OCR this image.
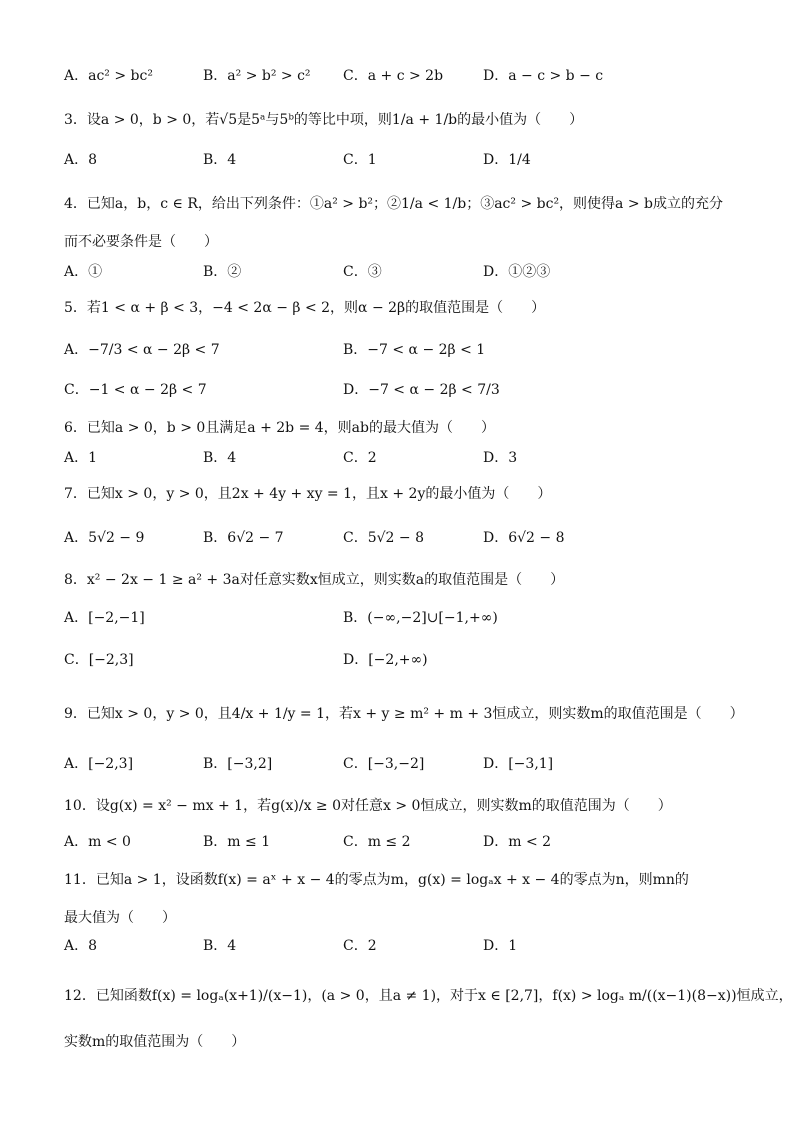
A．ac² > bc²	B．a² > b² > c² C．a + c > 2b	D．a − c > b − c
3．设a > 0，b > 0，若√5是5ᵃ与5ᵇ的等比中项，则1/a + 1/b的最小值为（　　）
A．8	B．4	C．1	D．1/4
4．已知a，b，c ∈ R，给出下列条件：①a² > b²；②1/a < 1/b；③ac² > bc²，则使得a > b成立的充分
而不必要条件是（　　）
A．①	B．②	C．③	D．①②③
5．若1 < α + β < 3，−4 < 2α − β < 2，则α − 2β的取值范围是（　　）
A．−7/3 < α − 2β < 7	B．−7 < α − 2β < 1
C．−1 < α − 2β < 7	D．−7 < α − 2β < 7/3
6．已知a > 0，b > 0且满足a + 2b = 4，则ab的最大值为（　　）
A．1	B．4	C．2	D．3
7．已知x > 0，y > 0，且2x + 4y + xy = 1，且x + 2y的最小值为（　　）
A．5√2 − 9	B．6√2 − 7	C．5√2 − 8	D．6√2 − 8
8．x² − 2x − 1 ≥ a² + 3a对任意实数x恒成立，则实数a的取值范围是（　　）
A．[−2,−1]	B．(−∞,−2]∪[−1,+∞)
C．[−2,3]	D．[−2,+∞)
9．已知x > 0，y > 0，且4/x + 1/y = 1，若x + y ≥ m² + m + 3恒成立，则实数m的取值范围是（　　）
A．[−2,3]	B．[−3,2]	C．[−3,−2]	D．[−3,1]
10．设g(x) = x² − mx + 1，若g(x)/x ≥ 0对任意x > 0恒成立，则实数m的取值范围为（　　）
A．m < 0	B．m ≤ 1	C．m ≤ 2	D．m < 2
11．已知a > 1，设函数f(x) = aˣ + x − 4的零点为m，g(x) = logₐx + x − 4的零点为n，则mn的
最大值为（　　）
A．8	B．4	C．2	D．1
12．已知函数f(x) = logₐ(x+1)/(x−1)，(a > 0，且a ≠ 1)，对于x ∈ [2,7]，f(x) > logₐ m/((x−1)(8−x))恒成立，
实数m的取值范围为（　　）
